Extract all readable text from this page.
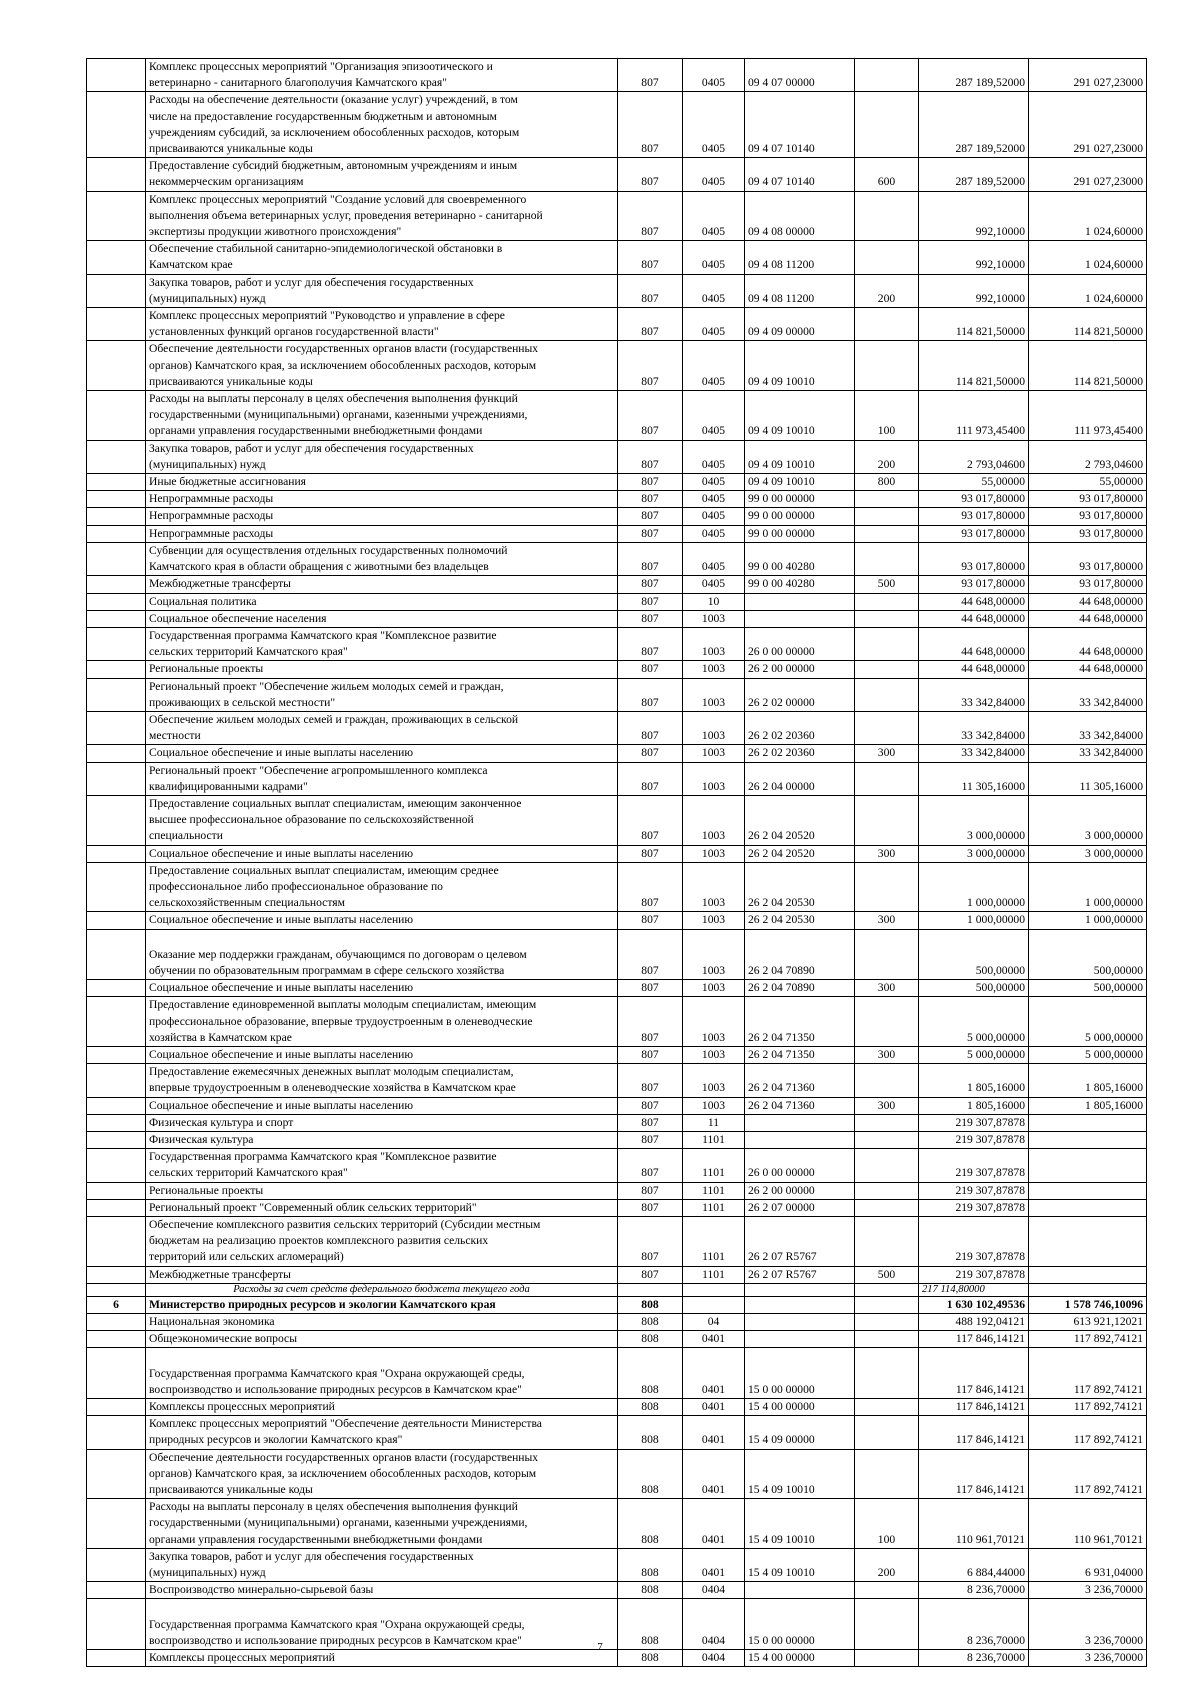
	Комплекс процессных мероприятий "Организация эпизоотического и
ветеринарно - санитарного благополучия Камчатского края"	807	0405	09 4 07 00000		287 189,52000	291 027,23000
	Расходы на обеспечение деятельности (оказание услуг) учреждений, в том
числе на предоставление государственным бюджетным и автономным
учреждениям субсидий, за исключением обособленных расходов, которым
присваиваются уникальные коды	807	0405	09 4 07 10140		287 189,52000	291 027,23000
	Предоставление субсидий бюджетным, автономным учреждениям и иным
некоммерческим организациям	807	0405	09 4 07 10140	600	287 189,52000	291 027,23000
	Комплекс процессных мероприятий "Создание условий для своевременного
выполнения объема ветеринарных услуг, проведения ветеринарно - санитарной
экспертизы продукции животного происхождения"	807	0405	09 4 08 00000		992,10000	1 024,60000
	Обеспечение стабильной санитарно-эпидемиологической обстановки в
Камчатском крае	807	0405	09 4 08 11200		992,10000	1 024,60000
	Закупка товаров, работ и услуг для обеспечения государственных
(муниципальных) нужд	807	0405	09 4 08 11200	200	992,10000	1 024,60000
	Комплекс процессных мероприятий "Руководство и управление в сфере
установленных функций органов государственной власти"	807	0405	09 4 09 00000		114 821,50000	114 821,50000
	Обеспечение деятельности государственных органов власти (государственных
органов) Камчатского края, за исключением обособленных расходов, которым
присваиваются уникальные коды	807	0405	09 4 09 10010		114 821,50000	114 821,50000
	Расходы на выплаты персоналу в целях обеспечения выполнения функций
государственными (муниципальными) органами, казенными учреждениями,
органами управления государственными внебюджетными фондами	807	0405	09 4 09 10010	100	111 973,45400	111 973,45400
	Закупка товаров, работ и услуг для обеспечения государственных
(муниципальных) нужд	807	0405	09 4 09 10010	200	2 793,04600	2 793,04600
	Иные бюджетные ассигнования	807	0405	09 4 09 10010	800	55,00000	55,00000
	Непрограммные расходы	807	0405	99 0 00 00000		93 017,80000	93 017,80000
	Непрограммные расходы	807	0405	99 0 00 00000		93 017,80000	93 017,80000
	Непрограммные расходы	807	0405	99 0 00 00000		93 017,80000	93 017,80000
	Субвенции для осуществления отдельных государственных полномочий
Камчатского края в области обращения с животными без владельцев	807	0405	99 0 00 40280		93 017,80000	93 017,80000
	Межбюджетные трансферты	807	0405	99 0 00 40280	500	93 017,80000	93 017,80000
	Социальная политика	807	10			44 648,00000	44 648,00000
	Социальное обеспечение населения	807	1003			44 648,00000	44 648,00000
	Государственная программа Камчатского края "Комплексное развитие
сельских территорий Камчатского края"	807	1003	26 0 00 00000		44 648,00000	44 648,00000
	Региональные проекты	807	1003	26 2 00 00000		44 648,00000	44 648,00000
	Региональный проект "Обеспечение жильем молодых семей и граждан,
проживающих в сельской местности"	807	1003	26 2 02 00000		33 342,84000	33 342,84000
	Обеспечение жильем молодых семей и граждан, проживающих в сельской
местности	807	1003	26 2 02 20360		33 342,84000	33 342,84000
	Социальное обеспечение и иные выплаты населению	807	1003	26 2 02 20360	300	33 342,84000	33 342,84000
	Региональный проект "Обеспечение агропромышленного комплекса
квалифицированными кадрами"	807	1003	26 2 04 00000		11 305,16000	11 305,16000
	Предоставление социальных выплат специалистам, имеющим законченное
высшее профессиональное образование по сельскохозяйственной
специальности	807	1003	26 2 04 20520		3 000,00000	3 000,00000
	Социальное обеспечение и иные выплаты населению	807	1003	26 2 04 20520	300	3 000,00000	3 000,00000
	Предоставление социальных выплат специалистам, имеющим среднее
профессиональное либо профессиональное образование по
сельскохозяйственным специальностям	807	1003	26 2 04 20530		1 000,00000	1 000,00000
	Социальное обеспечение и иные выплаты населению	807	1003	26 2 04 20530	300	1 000,00000	1 000,00000
	Оказание мер поддержки гражданам, обучающимся по договорам о целевом
обучении по образовательным программам в сфере сельского хозяйства	807	1003	26 2 04 70890		500,00000	500,00000
	Социальное обеспечение и иные выплаты населению	807	1003	26 2 04 70890	300	500,00000	500,00000
	Предоставление единовременной выплаты молодым специалистам, имеющим
профессиональное образование, впервые трудоустроенным в оленеводческие
хозяйства в Камчатском крае	807	1003	26 2 04 71350		5 000,00000	5 000,00000
	Социальное обеспечение и иные выплаты населению	807	1003	26 2 04 71350	300	5 000,00000	5 000,00000
	Предоставление ежемесячных денежных выплат молодым специалистам,
впервые трудоустроенным в оленеводческие хозяйства в Камчатском крае	807	1003	26 2 04 71360		1 805,16000	1 805,16000
	Социальное обеспечение и иные выплаты населению	807	1003	26 2 04 71360	300	1 805,16000	1 805,16000
	Физическая культура и спорт	807	11			219 307,87878	
	Физическая культура	807	1101			219 307,87878	
	Государственная программа Камчатского края "Комплексное развитие
сельских территорий Камчатского края"	807	1101	26 0 00 00000		219 307,87878	
	Региональные проекты	807	1101	26 2 00 00000		219 307,87878	
	Региональный проект "Современный облик сельских территорий"	807	1101	26 2 07 00000		219 307,87878	
	Обеспечение комплексного развития сельских территорий (Субсидии местным
бюджетам на реализацию проектов комплексного развития сельских
территорий или сельских агломераций)	807	1101	26 2 07 R5767		219 307,87878	
	Межбюджетные трансферты	807	1101	26 2 07 R5767	500	219 307,87878	
	Расходы за счет средств федерального бюджета текущего года					217 114,80000	
6	Министерство природных ресурсов и экологии Камчатского края	808				1 630 102,49536	1 578 746,10096
	Национальная экономика	808	04			488 192,04121	613 921,12021
	Общеэкономические вопросы	808	0401			117 846,14121	117 892,74121
	Государственная программа Камчатского края "Охрана окружающей среды,
воспроизводство и использование природных ресурсов в Камчатском крае"	808	0401	15 0 00 00000		117 846,14121	117 892,74121
	Комплексы процессных мероприятий	808	0401	15 4 00 00000		117 846,14121	117 892,74121
	Комплекс процессных мероприятий "Обеспечение деятельности Министерства
природных ресурсов и экологии Камчатского края"	808	0401	15 4 09 00000		117 846,14121	117 892,74121
	Обеспечение деятельности государственных органов власти (государственных
органов) Камчатского края, за исключением обособленных расходов, которым
присваиваются уникальные коды	808	0401	15 4 09 10010		117 846,14121	117 892,74121
	Расходы на выплаты персоналу в целях обеспечения выполнения функций
государственными (муниципальными) органами, казенными учреждениями,
органами управления государственными внебюджетными фондами	808	0401	15 4 09 10010	100	110 961,70121	110 961,70121
	Закупка товаров, работ и услуг для обеспечения государственных
(муниципальных) нужд	808	0401	15 4 09 10010	200	6 884,44000	6 931,04000
	Воспроизводство минерально-сырьевой базы	808	0404			8 236,70000	3 236,70000
	Государственная программа Камчатского края "Охрана окружающей среды,
воспроизводство и использование природных ресурсов в Камчатском крае"	808	0404	15 0 00 00000		8 236,70000	3 236,70000
	Комплексы процессных мероприятий	808	0404	15 4 00 00000		8 236,70000	3 236,70000
7
